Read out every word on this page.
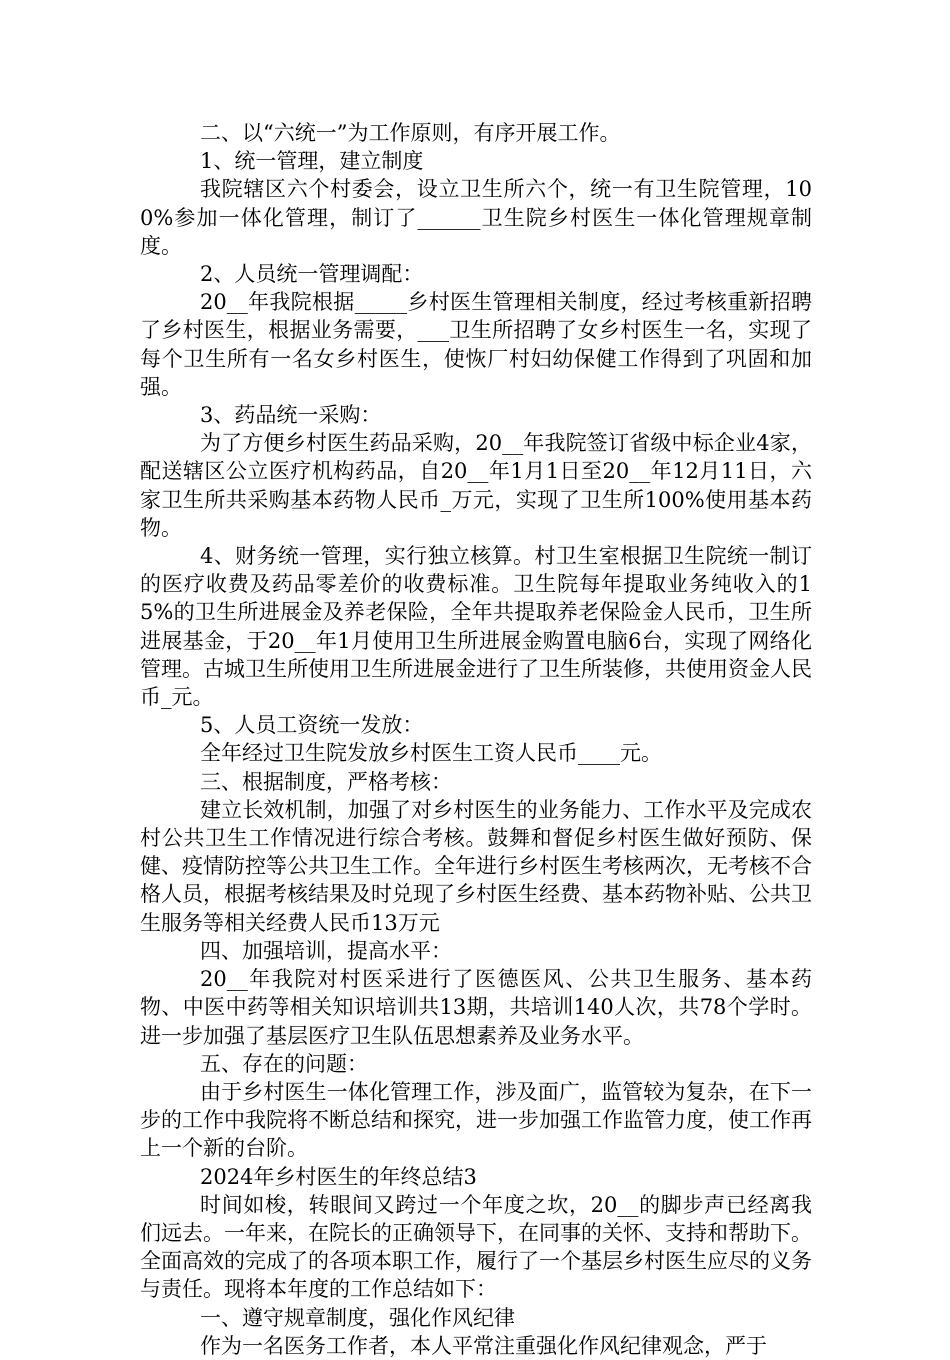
二、以“六统一”为工作原则，有序开展工作。

1、统一管理，建立制度

我院辖区六个村委会，设立卫生所六个，统一有卫生院管理，100%参加一体化管理，制订了______卫生院乡村医生一体化管理规章制度。

2、人员统一管理调配：

20__年我院根据_____乡村医生管理相关制度，经过考核重新招聘了乡村医生，根据业务需要，___卫生所招聘了女乡村医生一名，实现了每个卫生所有一名女乡村医生，使恢厂村妇幼保健工作得到了巩固和加强。

3、药品统一采购：

为了方便乡村医生药品采购，20__年我院签订省级中标企业4家，配送辖区公立医疗机构药品，自20__年1月1日至20__年12月11日，六家卫生所共采购基本药物人民币_万元，实现了卫生所100%使用基本药物。

4、财务统一管理，实行独立核算。村卫生室根据卫生院统一制订的医疗收费及药品零差价的收费标准。卫生院每年提取业务纯收入的15%的卫生所进展金及养老保险，全年共提取养老保险金人民币，卫生所进展基金，于20__年1月使用卫生所进展金购置电脑6台，实现了网络化管理。古城卫生所使用卫生所进展金进行了卫生所装修，共使用资金人民币_元。

5、人员工资统一发放：

全年经过卫生院发放乡村医生工资人民币____元。

三、根据制度，严格考核：

建立长效机制，加强了对乡村医生的业务能力、工作水平及完成农村公共卫生工作情况进行综合考核。鼓舞和督促乡村医生做好预防、保健、疫情防控等公共卫生工作。全年进行乡村医生考核两次，无考核不合格人员，根据考核结果及时兑现了乡村医生经费、基本药物补贴、公共卫生服务等相关经费人民币13万元

四、加强培训，提高水平：

20__年我院对村医采进行了医德医风、公共卫生服务、基本药物、中医中药等相关知识培训共13期，共培训140人次，共78个学时。进一步加强了基层医疗卫生队伍思想素养及业务水平。

五、存在的问题：

由于乡村医生一体化管理工作，涉及面广，监管较为复杂，在下一步的工作中我院将不断总结和探究，进一步加强工作监管力度，使工作再上一个新的台阶。

2024年乡村医生的年终总结3

时间如梭，转眼间又跨过一个年度之坎，20__的脚步声已经离我们远去。一年来，在院长的正确领导下，在同事的关怀、支持和帮助下。全面高效的完成了的各项本职工作，履行了一个基层乡村医生应尽的义务与责任。现将本年度的工作总结如下：

一、遵守规章制度，强化作风纪律

作为一名医务工作者，本人平常注重强化作风纪律观念，严于
